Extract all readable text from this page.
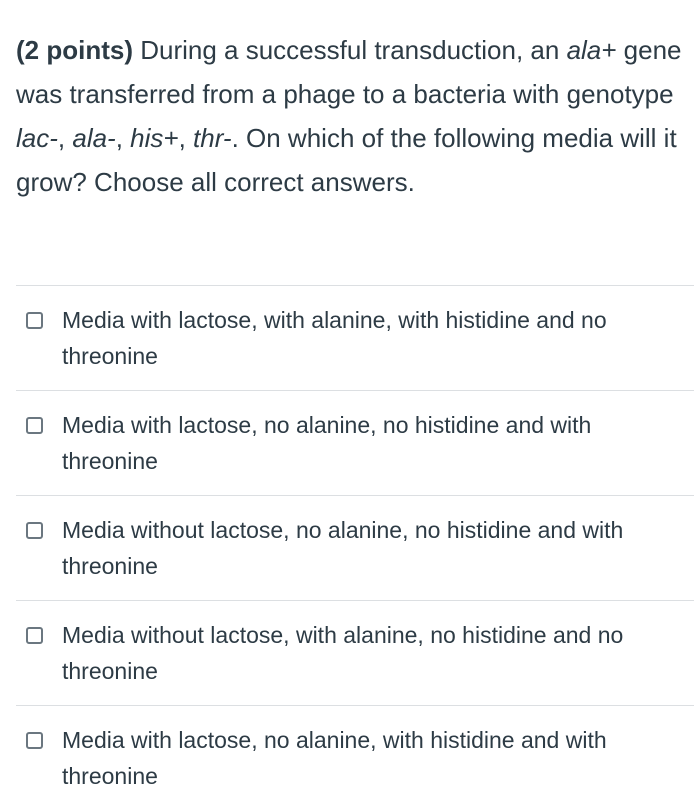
(2 points) During a successful transduction, an ala+ gene was transferred from a phage to a bacteria with genotype lac-, ala-, his+, thr-. On which of the following media will it grow? Choose all correct answers.
Media with lactose, with alanine, with histidine and no threonine
Media with lactose, no alanine, no histidine and with threonine
Media without lactose, no alanine, no histidine and with threonine
Media without lactose, with alanine, no histidine and no threonine
Media with lactose, no alanine, with histidine and with threonine
